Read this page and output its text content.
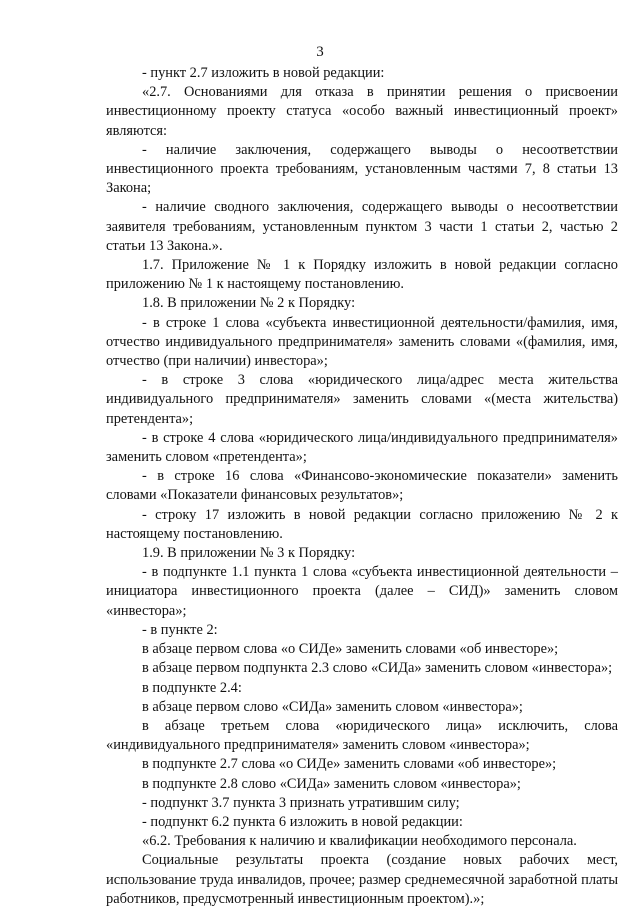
3

- пункт 2.7 изложить в новой редакции:

«2.7. Основаниями для отказа в принятии решения о присвоении инвестиционному проекту статуса «особо важный инвестиционный проект» являются:

- наличие заключения, содержащего выводы о несоответствии инвестиционного проекта требованиям, установленным частями 7, 8 статьи 13 Закона;

- наличие сводного заключения, содержащего выводы о несоответствии заявителя требованиям, установленным пунктом 3 части 1 статьи 2, частью 2 статьи 13 Закона.».

1.7. Приложение № 1 к Порядку изложить в новой редакции согласно приложению № 1 к настоящему постановлению.

1.8. В приложении № 2 к Порядку:

- в строке 1 слова «субъекта инвестиционной деятельности/фамилия, имя, отчество индивидуального предпринимателя» заменить словами «(фамилия, имя, отчество (при наличии) инвестора»;

- в строке 3 слова «юридического лица/адрес места жительства индивидуального предпринимателя» заменить словами «(места жительства) претендента»;

- в строке 4 слова «юридического лица/индивидуального предпринимателя» заменить словом «претендента»;

- в строке 16 слова «Финансово-экономические показатели» заменить словами «Показатели финансовых результатов»;

- строку 17 изложить в новой редакции согласно приложению № 2 к настоящему постановлению.

1.9. В приложении № 3 к Порядку:

- в подпункте 1.1 пункта 1 слова «субъекта инвестиционной деятельности – инициатора инвестиционного проекта (далее – СИД)» заменить словом «инвестора»;

- в пункте 2:

в абзаце первом слова «о СИДе» заменить словами «об инвесторе»;

в абзаце первом подпункта 2.3 слово «СИДа» заменить словом «инвестора»;

в подпункте 2.4:

в абзаце первом слово «СИДа» заменить словом «инвестора»;

в абзаце третьем слова «юридического лица» исключить, слова «индивидуального предпринимателя» заменить словом «инвестора»;

в подпункте 2.7 слова «о СИДе» заменить словами «об инвесторе»;

в подпункте 2.8 слово «СИДа» заменить словом «инвестора»;

- подпункт 3.7 пункта 3 признать утратившим силу;

- подпункт 6.2 пункта 6 изложить в новой редакции:

«6.2. Требования к наличию и квалификации необходимого персонала.

Социальные результаты проекта (создание новых рабочих мест, использование труда инвалидов, прочее; размер среднемесячной заработной платы работников, предусмотренный инвестиционным проектом).»;
